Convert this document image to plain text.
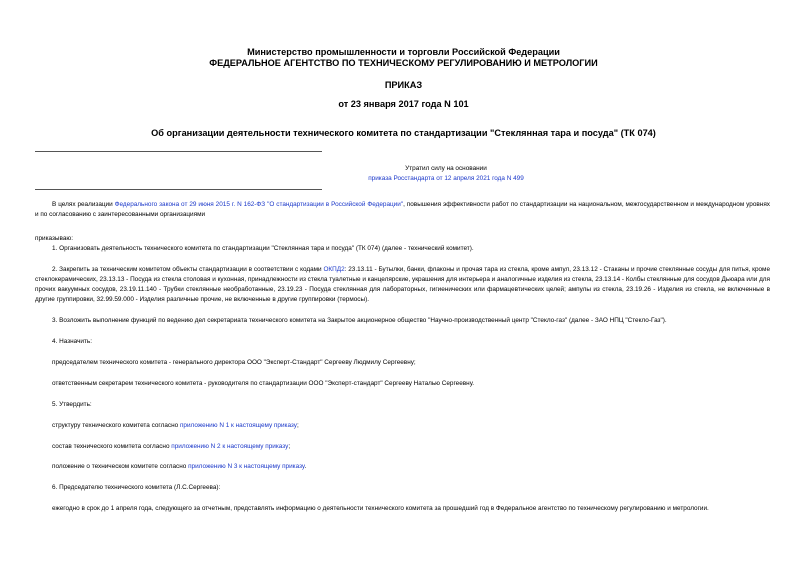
Министерство промышленности и торговли Российской Федерации
ФЕДЕРАЛЬНОЕ АГЕНТСТВО ПО ТЕХНИЧЕСКОМУ РЕГУЛИРОВАНИЮ И МЕТРОЛОГИИ
ПРИКАЗ
от 23 января 2017 года N 101
Об организации деятельности технического комитета по стандартизации "Стеклянная тара и посуда" (ТК 074)
Утратил силу на основании
приказа Росстандарта от 12 апреля 2021 года N 499
В целях реализации Федерального закона от 29 июня 2015 г. N 162-ФЗ "О стандартизации в Российской Федерации", повышения эффективности работ по стандартизации на национальном, межгосударственном и международном уровнях и по согласованию с заинтересованными организациями
приказываю:
1. Организовать деятельность технического комитета по стандартизации "Стеклянная тара и посуда" (ТК 074) (далее - технический комитет).
2. Закрепить за техническим комитетом объекты стандартизации в соответствии с кодами ОКПД2: 23.13.11 - Бутылки, банки, флаконы и прочая тара из стекла, кроме ампул, 23.13.12 - Стаканы и прочие стеклянные сосуды для питья, кроме стеклокерамических, 23.13.13 - Посуда из стекла столовая и кухонная, принадлежности из стекла туалетные и канцелярские, украшения для интерьера и аналогичные изделия из стекла, 23.13.14 - Колбы стеклянные для сосудов Дьюара или для прочих вакуумных сосудов, 23.19.11.140 - Трубки стеклянные необработанные, 23.19.23 - Посуда стеклянная для лабораторных, гигиенических или фармацевтических целей; ампулы из стекла, 23.19.26 - Изделия из стекла, не включенные в другие группировки, 32.99.59.000 - Изделия различные прочие, не включенные в другие группировки (термосы).
3. Возложить выполнение функций по ведению дел секретариата технического комитета на Закрытое акционерное общество "Научно-производственный центр "Стекло-газ" (далее - ЗАО НПЦ "Стекло-Газ").
4. Назначить:
председателем технического комитета - генерального директора ООО "Эксперт-Стандарт" Сергееву Людмилу Сергеевну;
ответственным секретарем технического комитета - руководителя по стандартизации ООО "Эксперт-стандарт" Сергееву Наталью Сергеевну.
5. Утвердить:
структуру технического комитета согласно приложению N 1 к настоящему приказу;
состав технического комитета согласно приложению N 2 к настоящему приказу;
положение о техническом комитете согласно приложению N 3 к настоящему приказу.
6. Председателю технического комитета (Л.С.Сергеева):
ежегодно в срок до 1 апреля года, следующего за отчетным, представлять информацию о деятельности технического комитета за прошедший год в Федеральное агентство по техническому регулированию и метрологии.
